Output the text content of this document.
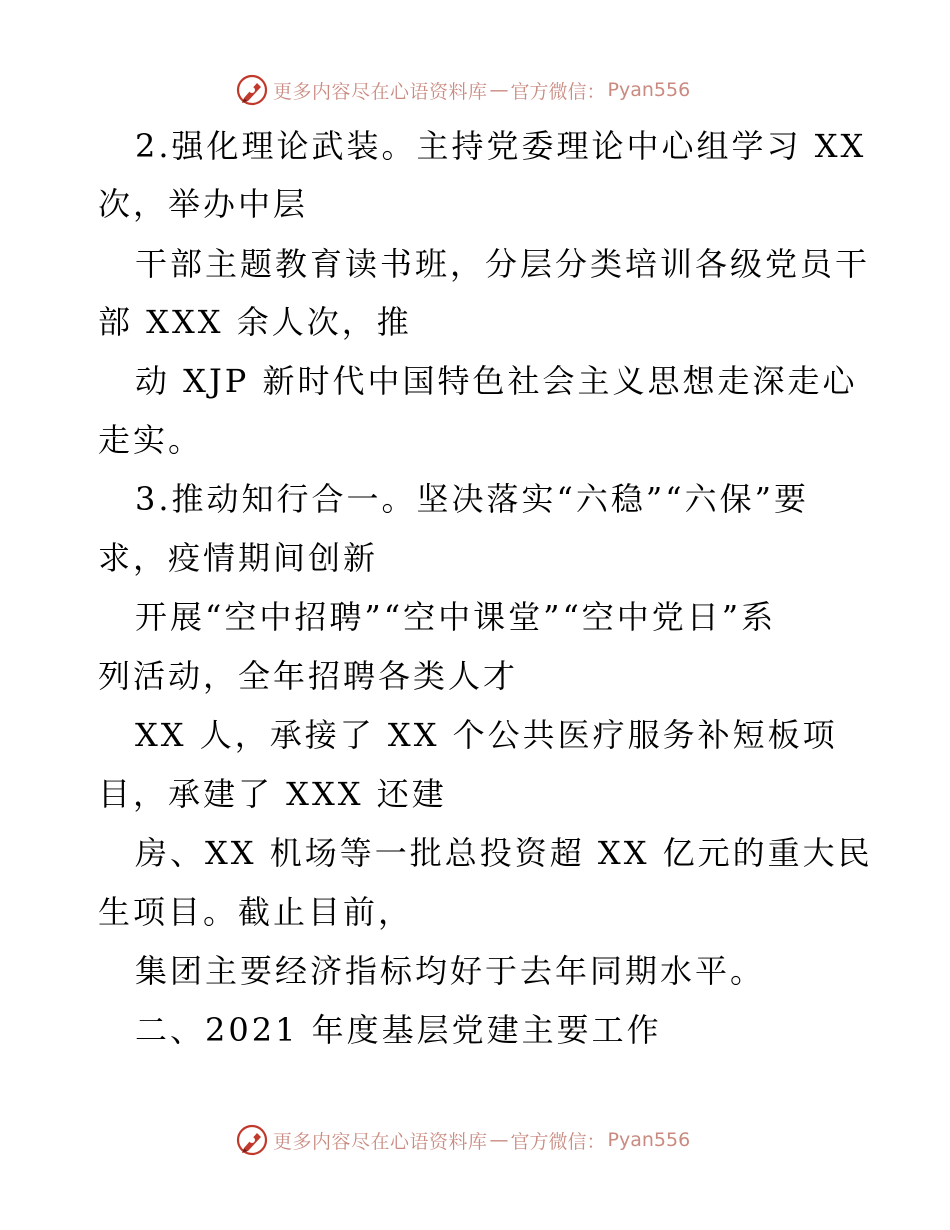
更多内容尽在心语资料库 — 官方微信： Pyan556
2.强化理论武装。主持党委理论中心组学习 XX
次，举办中层
干部主题教育读书班，分层分类培训各级党员干
部 XXX 余人次，推
动 XJP 新时代中国特色社会主义思想走深走心
走实。
3.推动知行合一。坚决落实“六稳”“六保”要
求，疫情期间创新
开展“空中招聘”“空中课堂”“空中党日”系
列活动，全年招聘各类人才
XX 人，承接了 XX 个公共医疗服务补短板项
目，承建了 XXX 还建
房、XX 机场等一批总投资超 XX 亿元的重大民
生项目。截止目前，
集团主要经济指标均好于去年同期水平。
二、2021 年度基层党建主要工作
更多内容尽在心语资料库 — 官方微信： Pyan556
